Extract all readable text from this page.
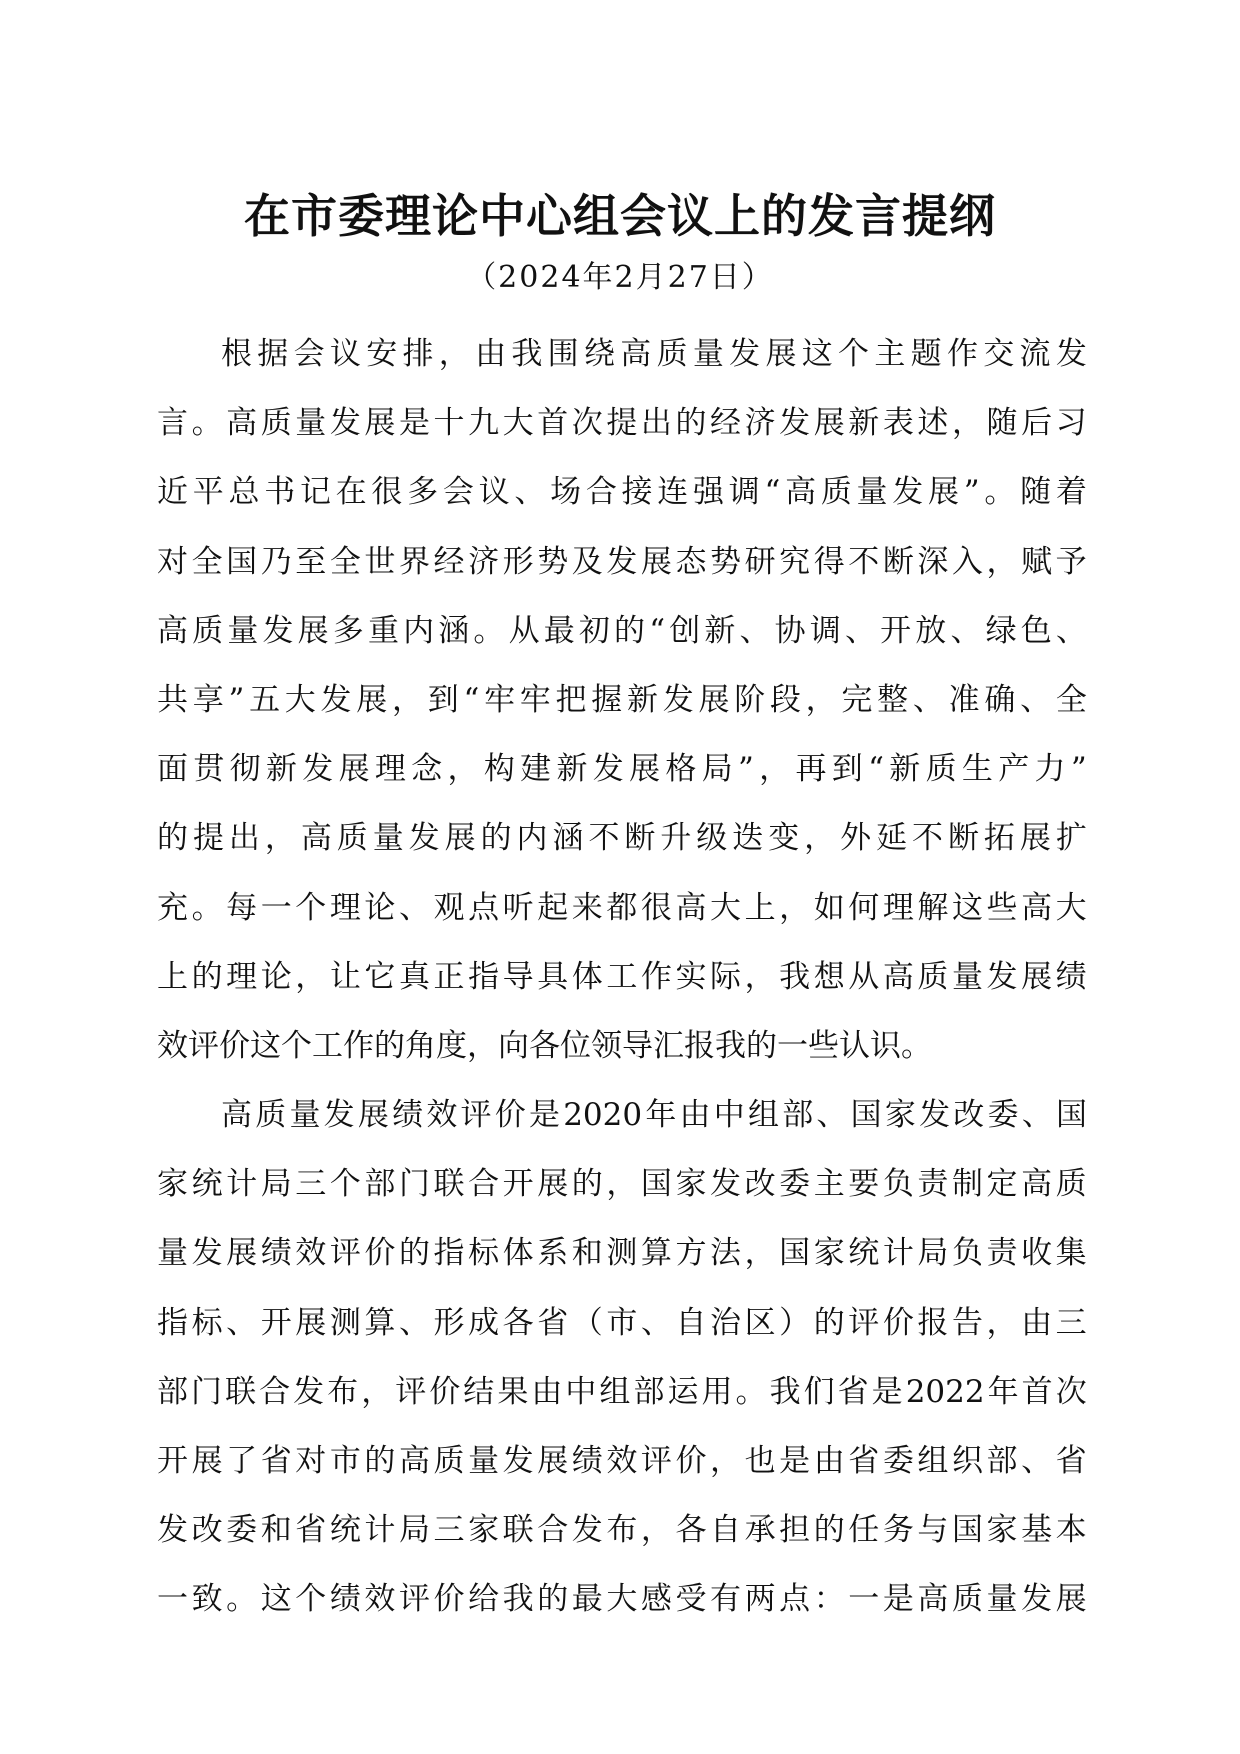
在市委理论中心组会议上的发言提纲
（2024年2月27日）
根 据 会 议 安 排 ， 由 我 围 绕 高 质 量 发 展 这 个 主 题 作 交 流 发
言 。 高 质 量 发 展 是 十 九 大 首 次 提 出 的 经 济 发 展 新 表 述 ， 随 后 习
近 平 总 书 记 在 很 多 会 议 、 场 合 接 连 强 调 “ 高 质 量 发 展 ” 。 随 着
对 全 国 乃 至 全 世 界 经 济 形 势 及 发 展 态 势 研 究 得 不 断 深 入 ， 赋 予
高 质 量 发 展 多 重 内 涵 。 从 最 初 的 “ 创 新 、 协 调 、 开 放 、 绿 色 、
共 享 ” 五 大 发 展 ， 到 “ 牢 牢 把 握 新 发 展 阶 段 ， 完 整 、 准 确 、 全
面 贯 彻 新 发 展 理 念 ， 构 建 新 发 展 格 局 ” ， 再 到 “ 新 质 生 产 力 ”
的 提 出 ， 高 质 量 发 展 的 内 涵 不 断 升 级 迭 变 ， 外 延 不 断 拓 展 扩
充 。 每 一 个 理 论 、 观 点 听 起 来 都 很 高 大 上 ， 如 何 理 解 这 些 高 大
上 的 理 论 ， 让 它 真 正 指 导 具 体 工 作 实 际 ， 我 想 从 高 质 量 发 展 绩
效评价这个工作的角度，向各位领导汇报我的一些认识。
高 质 量 发 展 绩 效 评 价 是 2020 年 由 中 组 部 、 国 家 发 改 委 、 国
家 统 计 局 三 个 部 门 联 合 开 展 的 ， 国 家 发 改 委 主 要 负 责 制 定 高 质
量 发 展 绩 效 评 价 的 指 标 体 系 和 测 算 方 法 ， 国 家 统 计 局 负 责 收 集
指 标 、 开 展 测 算 、 形 成 各 省 （ 市 、 自 治 区 ） 的 评 价 报 告 ， 由 三
部 门 联 合 发 布 ， 评 价 结 果 由 中 组 部 运 用 。 我 们 省 是 2022 年 首 次
开 展 了 省 对 市 的 高 质 量 发 展 绩 效 评 价 ， 也 是 由 省 委 组 织 部 、 省
发 改 委 和 省 统 计 局 三 家 联 合 发 布 ， 各 自 承 担 的 任 务 与 国 家 基 本
一 致 。 这 个 绩 效 评 价 给 我 的 最 大 感 受 有 两 点 ： 一 是 高 质 量 发 展
